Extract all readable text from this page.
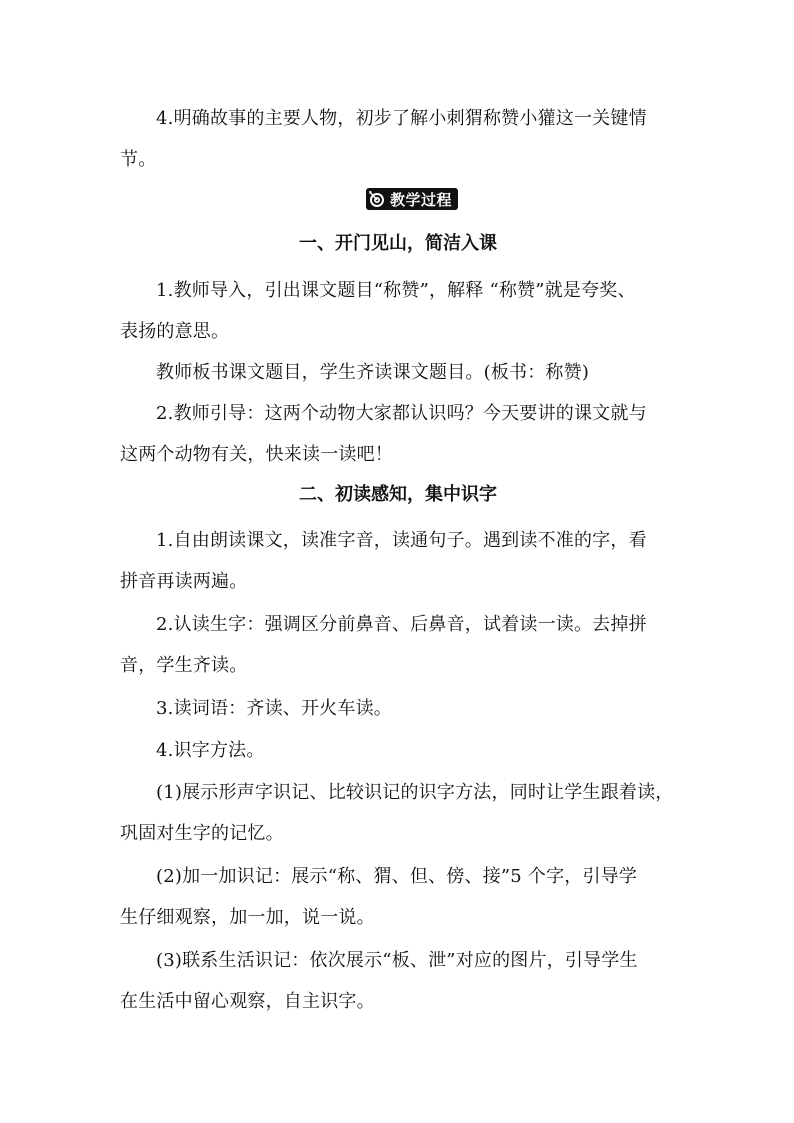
4.明确故事的主要人物，初步了解小刺猬称赞小獾这一关键情

节。

教学过程
一、开门见山，简洁入课

1.教师导入，引出课文题目“称赞”，解释 “称赞”就是夸奖、

表扬的意思。

教师板书课文题目，学生齐读课文题目。(板书：称赞)

2.教师引导：这两个动物大家都认识吗？今天要讲的课文就与

这两个动物有关，快来读一读吧！

二、初读感知，集中识字

1.自由朗读课文，读准字音，读通句子。遇到读不准的字，看

拼音再读两遍。

2.认读生字：强调区分前鼻音、后鼻音，试着读一读。去掉拼

音，学生齐读。

3.读词语：齐读、开火车读。

4.识字方法。

(1)展示形声字识记、比较识记的识字方法，同时让学生跟着读，

巩固对生字的记忆。

(2)加一加识记：展示“称、猬、但、傍、接”5 个字，引导学

生仔细观察，加一加，说一说。

(3)联系生活识记：依次展示“板、泄”对应的图片，引导学生

在生活中留心观察，自主识字。
